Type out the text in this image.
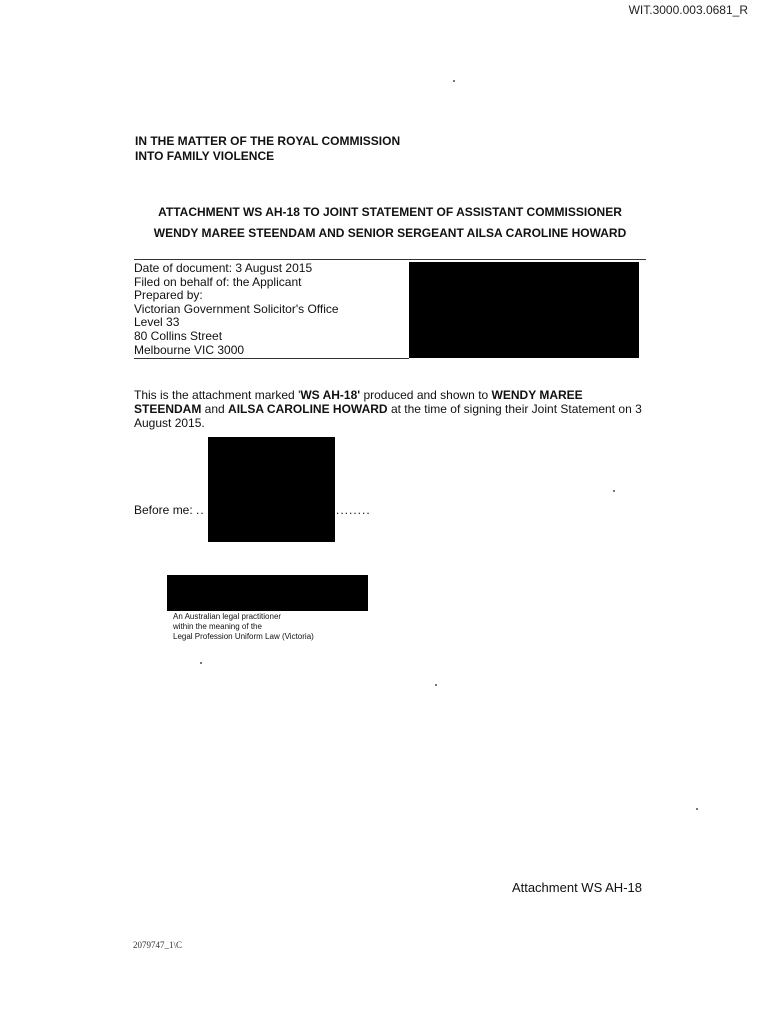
WIT.3000.003.0681_R
IN THE MATTER OF THE ROYAL COMMISSION
INTO FAMILY VIOLENCE
ATTACHMENT WS AH-18 TO JOINT STATEMENT OF ASSISTANT COMMISSIONER
WENDY MAREE STEENDAM AND SENIOR SERGEANT AILSA CAROLINE HOWARD
Date of document: 3 August 2015
Filed on behalf of: the Applicant
Prepared by:
Victorian Government Solicitor's Office
Level 33
80 Collins Street
Melbourne VIC 3000
This is the attachment marked 'WS AH-18' produced and shown to WENDY MAREE STEENDAM and AILSA CAROLINE HOWARD at the time of signing their Joint Statement on 3 August 2015.
Before me: ..	........
An Australian legal practitioner
within the meaning of the
Legal Profession Uniform Law (Victoria)
Attachment WS AH-18
2079747_1\C
